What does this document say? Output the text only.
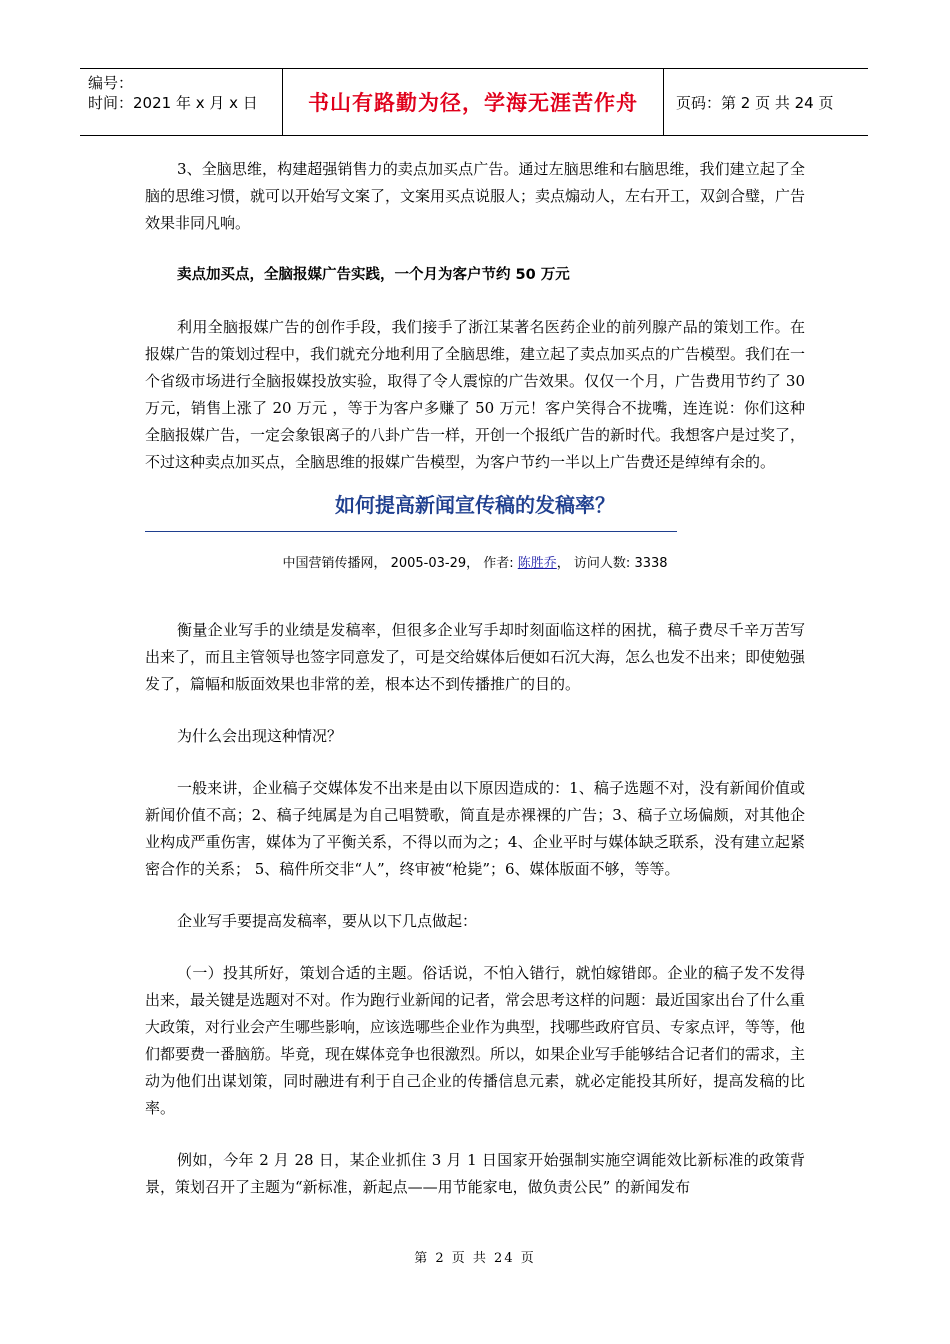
编号：
时间：2021 年 x 月 x 日	书山有路勤为径，学海无涯苦作舟	页码：第 2 页 共 24 页

3、全脑思维，构建超强销售力的卖点加买点广告。通过左脑思维和右脑思维，我们建立起了全脑的思维习惯，就可以开始写文案了，文案用买点说服人；卖点煽动人，左右开工，双剑合璧，广告效果非同凡响。

卖点加买点，全脑报媒广告实践，一个月为客户节约 50 万元

利用全脑报媒广告的创作手段，我们接手了浙江某著名医药企业的前列腺产品的策划工作。在报媒广告的策划过程中，我们就充分地利用了全脑思维，建立起了卖点加买点的广告模型。我们在一个省级市场进行全脑报媒投放实验，取得了令人震惊的广告效果。仅仅一个月，广告费用节约了 30 万元，销售上涨了 20 万元 ，等于为客户多赚了 50 万元！客户笑得合不拢嘴，连连说：你们这种全脑报媒广告，一定会象银离子的八卦广告一样，开创一个报纸广告的新时代。我想客户是过奖了，不过这种卖点加买点，全脑思维的报媒广告模型，为客户节约一半以上广告费还是绰绰有余的。

如何提高新闻宣传稿的发稿率？

中国营销传播网， 2005-03-29， 作者: 陈胜乔， 访问人数: 3338

衡量企业写手的业绩是发稿率，但很多企业写手却时刻面临这样的困扰，稿子费尽千辛万苦写出来了，而且主管领导也签字同意发了，可是交给媒体后便如石沉大海，怎么也发不出来；即使勉强发了，篇幅和版面效果也非常的差，根本达不到传播推广的目的。

为什么会出现这种情况？

一般来讲，企业稿子交媒体发不出来是由以下原因造成的：1、稿子选题不对，没有新闻价值或新闻价值不高；2、稿子纯属是为自己唱赞歌，简直是赤裸裸的广告；3、稿子立场偏颇，对其他企业构成严重伤害，媒体为了平衡关系，不得以而为之；4、企业平时与媒体缺乏联系，没有建立起紧密合作的关系； 5、稿件所交非“人”，终审被“枪毙”；6、媒体版面不够，等等。

企业写手要提高发稿率，要从以下几点做起：

（一）投其所好，策划合适的主题。俗话说，不怕入错行，就怕嫁错郎。企业的稿子发不发得出来，最关键是选题对不对。作为跑行业新闻的记者，常会思考这样的问题：最近国家出台了什么重大政策，对行业会产生哪些影响，应该选哪些企业作为典型，找哪些政府官员、专家点评，等等，他们都要费一番脑筋。毕竟，现在媒体竞争也很激烈。所以，如果企业写手能够结合记者们的需求，主动为他们出谋划策，同时融进有利于自己企业的传播信息元素，就必定能投其所好，提高发稿的比率。

例如，今年 2 月 28 日，某企业抓住 3 月 1 日国家开始强制实施空调能效比新标准的政策背景，策划召开了主题为“新标准，新起点——用节能家电，做负责公民” 的新闻发布

第 2 页 共 24 页
